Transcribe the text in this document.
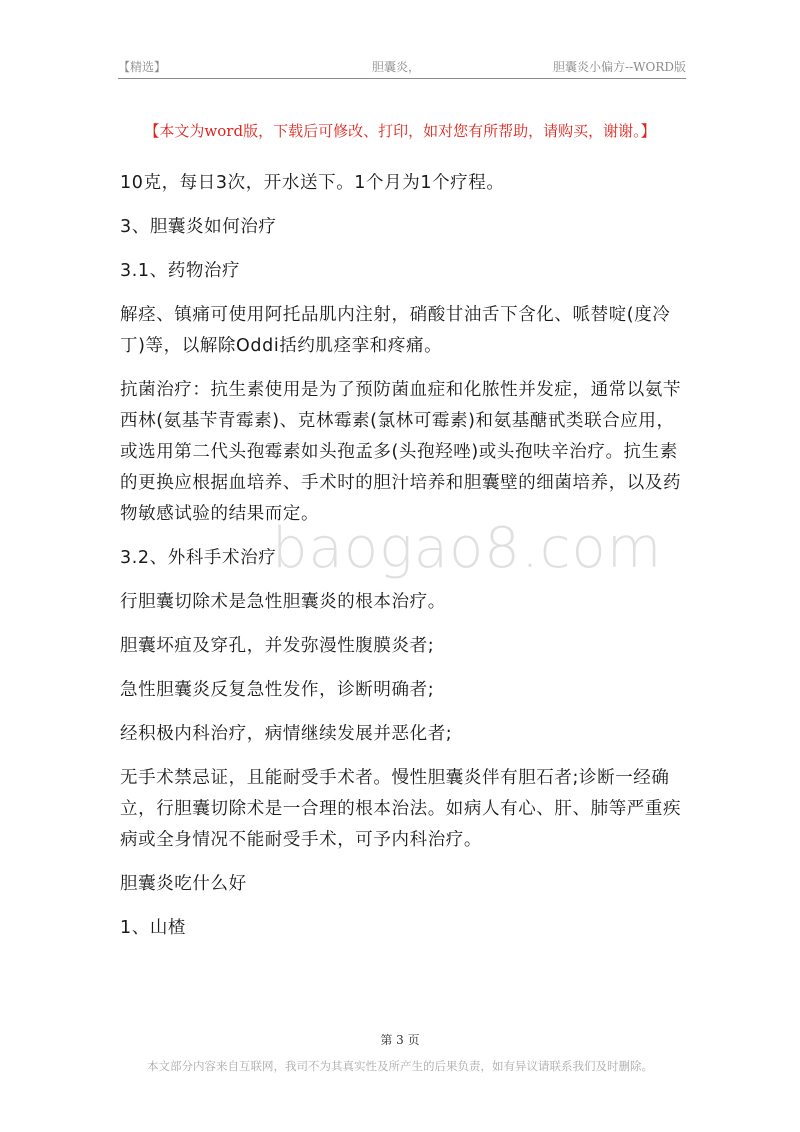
【精选】	胆囊炎，	胆囊炎小偏方--WORD版
【本文为word版，下载后可修改、打印，如对您有所帮助，请购买，谢谢。】

10克，每日3次，开水送下。1个月为1个疗程。

3、胆囊炎如何治疗

3.1、药物治疗

解痉、镇痛可使用阿托品肌内注射，硝酸甘油舌下含化、哌替啶(度冷丁)等，以解除Oddi括约肌痉挛和疼痛。

抗菌治疗：抗生素使用是为了预防菌血症和化脓性并发症，通常以氨苄西林(氨基苄青霉素)、克林霉素(氯林可霉素)和氨基醣甙类联合应用，或选用第二代头孢霉素如头孢孟多(头孢羟唑)或头孢呋辛治疗。抗生素的更换应根据血培养、手术时的胆汁培养和胆囊壁的细菌培养，以及药物敏感试验的结果而定。

3.2、外科手术治疗

行胆囊切除术是急性胆囊炎的根本治疗。

胆囊坏疽及穿孔，并发弥漫性腹膜炎者;

急性胆囊炎反复急性发作，诊断明确者;

经积极内科治疗，病情继续发展并恶化者;

无手术禁忌证，且能耐受手术者。慢性胆囊炎伴有胆石者;诊断一经确立，行胆囊切除术是一合理的根本治法。如病人有心、肝、肺等严重疾病或全身情况不能耐受手术，可予内科治疗。

胆囊炎吃什么好

1、山楂

baogao8.com
第 3 页
本文部分内容来自互联网，我司不为其真实性及所产生的后果负责，如有异议请联系我们及时删除。
